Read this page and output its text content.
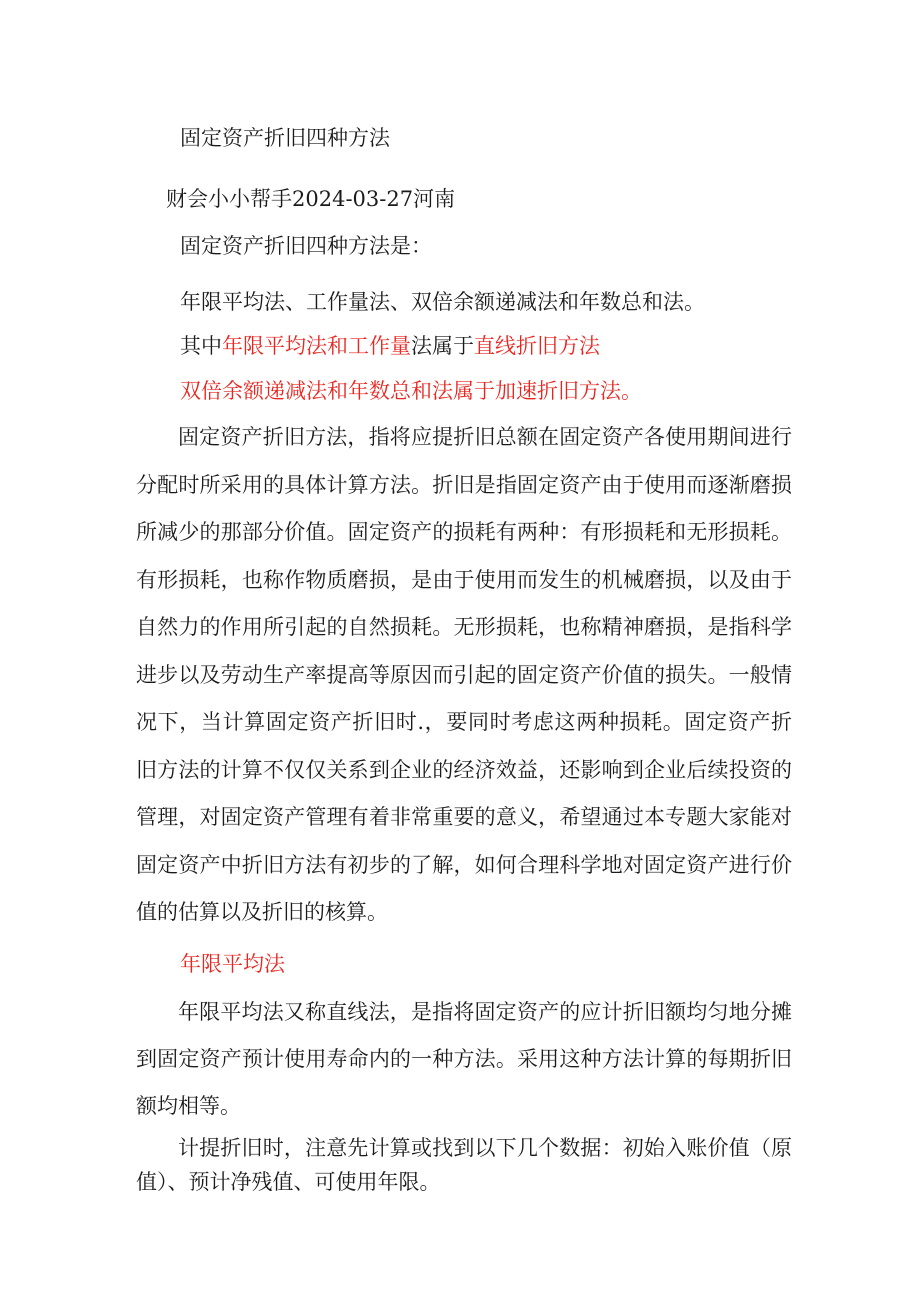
固定资产折旧四种方法
财会小小帮手2024-03-27河南
固定资产折旧四种方法是：
年限平均法、工作量法、双倍余额递减法和年数总和法。
其中年限平均法和工作量法属于直线折旧方法
双倍余额递减法和年数总和法属于加速折旧方法。

固定资产折旧方法，指将应提折旧总额在固定资产各使用期间进行分配时所采用的具体计算方法。折旧是指固定资产由于使用而逐渐磨损所减少的那部分价值。固定资产的损耗有两种：有形损耗和无形损耗。有形损耗，也称作物质磨损，是由于使用而发生的机械磨损，以及由于自然力的作用所引起的自然损耗。无形损耗，也称精神磨损，是指科学进步以及劳动生产率提高等原因而引起的固定资产价值的损失。一般情况下，当计算固定资产折旧时.，要同时考虑这两种损耗。固定资产折旧方法的计算不仅仅关系到企业的经济效益，还影响到企业后续投资的管理，对固定资产管理有着非常重要的意义，希望通过本专题大家能对固定资产中折旧方法有初步的了解，如何合理科学地对固定资产进行价值的估算以及折旧的核算。

年限平均法

年限平均法又称直线法，是指将固定资产的应计折旧额均匀地分摊到固定资产预计使用寿命内的一种方法。采用这种方法计算的每期折旧额均相等。

计提折旧时，注意先计算或找到以下几个数据：初始入账价值（原值）、预计净残值、可使用年限。
